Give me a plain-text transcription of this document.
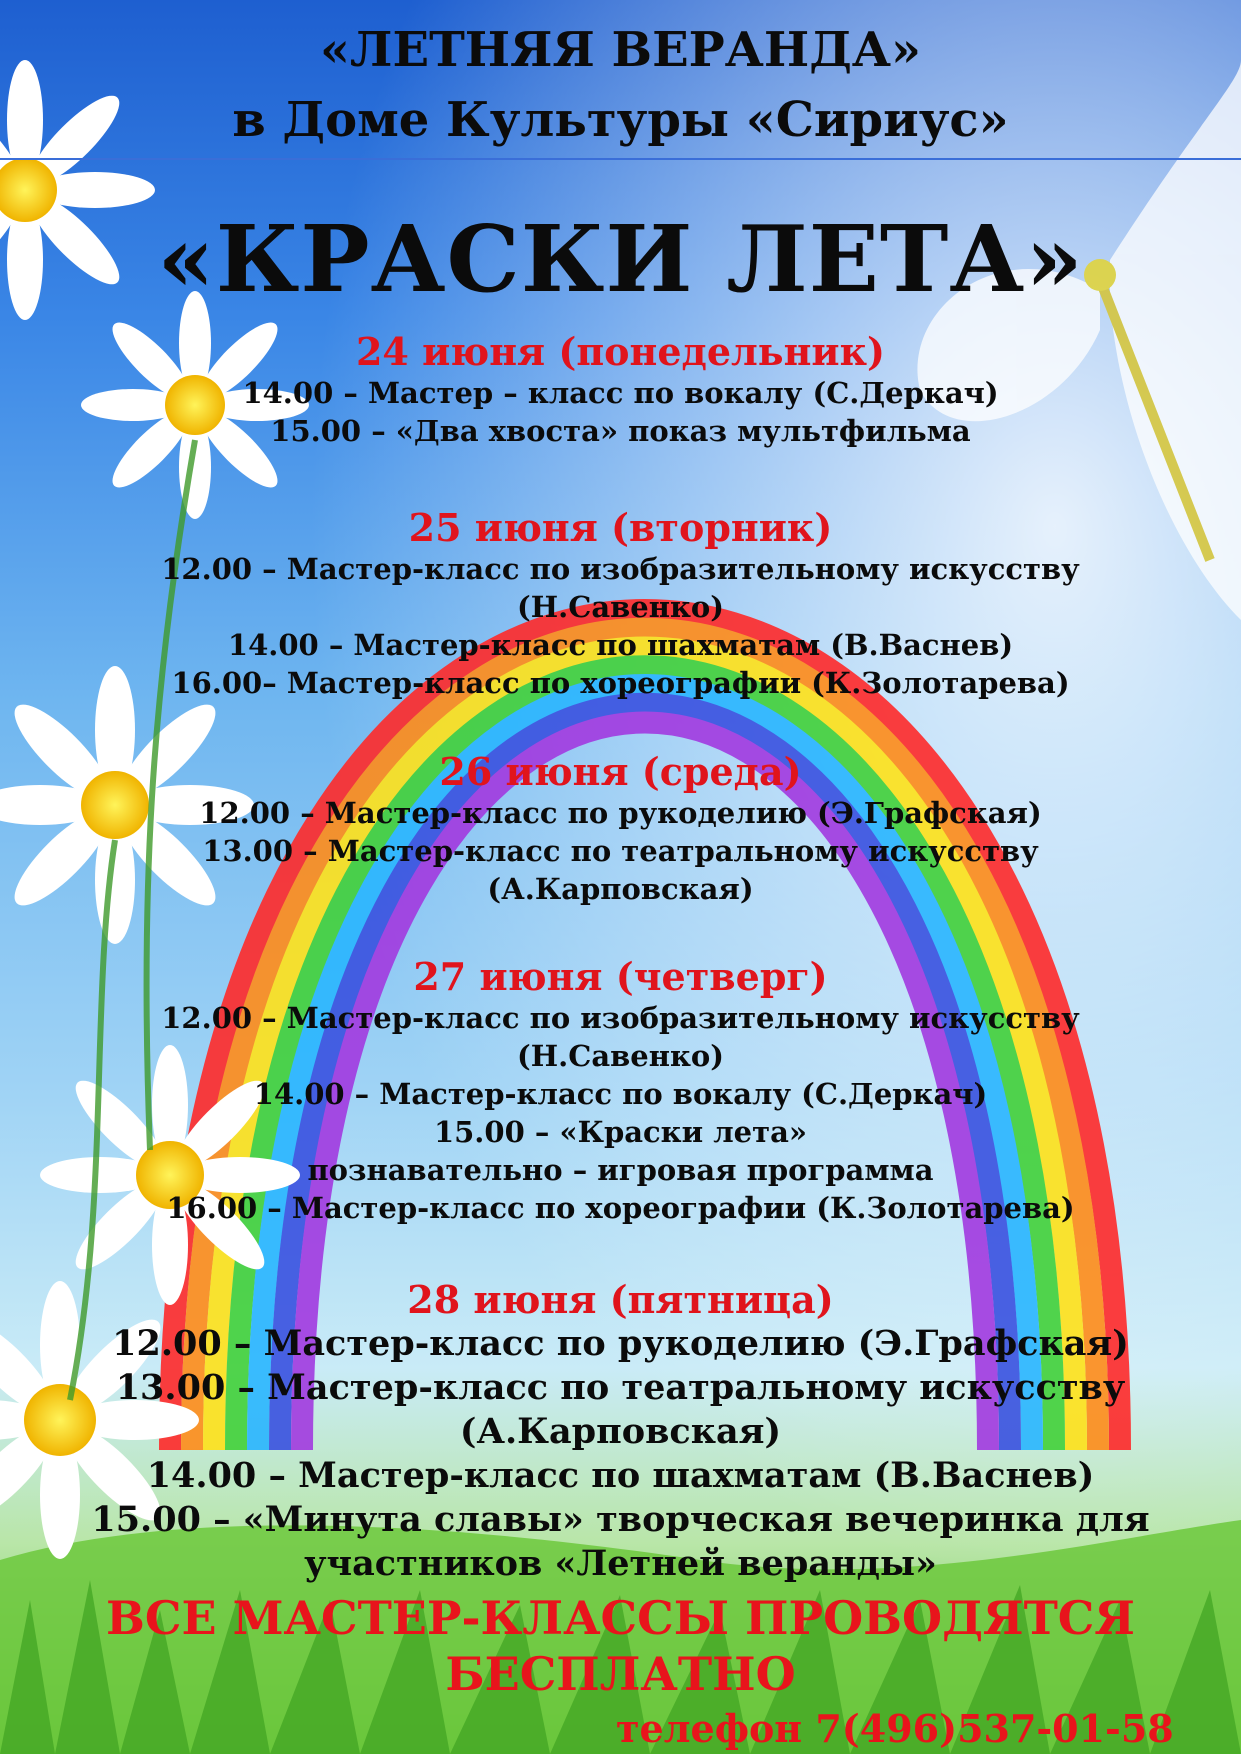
«ЛЕТНЯЯ ВЕРАНДА»
в Доме Культуры «Сириус»
«КРАСКИ ЛЕТА»
24 июня (понедельник)
14.00 – Мастер – класс по вокалу (С.Деркач)
15.00 – «Два хвоста» показ мультфильма
25 июня (вторник)
12.00 – Мастер-класс по изобразительному искусству
(Н.Савенко)
14.00 – Мастер-класс по шахматам (В.Васнев)
16.00– Мастер-класс по хореографии (К.Золотарева)
26 июня (среда)
12.00 – Мастер-класс по рукоделию (Э.Графская)
13.00 – Мастер-класс по театральному искусству
(А.Карповская)
27 июня (четверг)
12.00 – Мастер-класс по изобразительному искусству
(Н.Савенко)
14.00 – Мастер-класс по вокалу (С.Деркач)
15.00 – «Краски лета»
познавательно – игровая программа
16.00 – Мастер-класс по хореографии (К.Золотарева)
28 июня (пятница)
12.00 – Мастер-класс по рукоделию (Э.Графская)
13.00 – Мастер-класс по театральному искусству
(А.Карповская)
14.00 – Мастер-класс по шахматам (В.Васнев)
15.00 – «Минута славы» творческая вечеринка для
участников «Летней веранды»
ВСЕ МАСТЕР-КЛАССЫ ПРОВОДЯТСЯ
БЕСПЛАТНО
телефон 7(496)537-01-58
